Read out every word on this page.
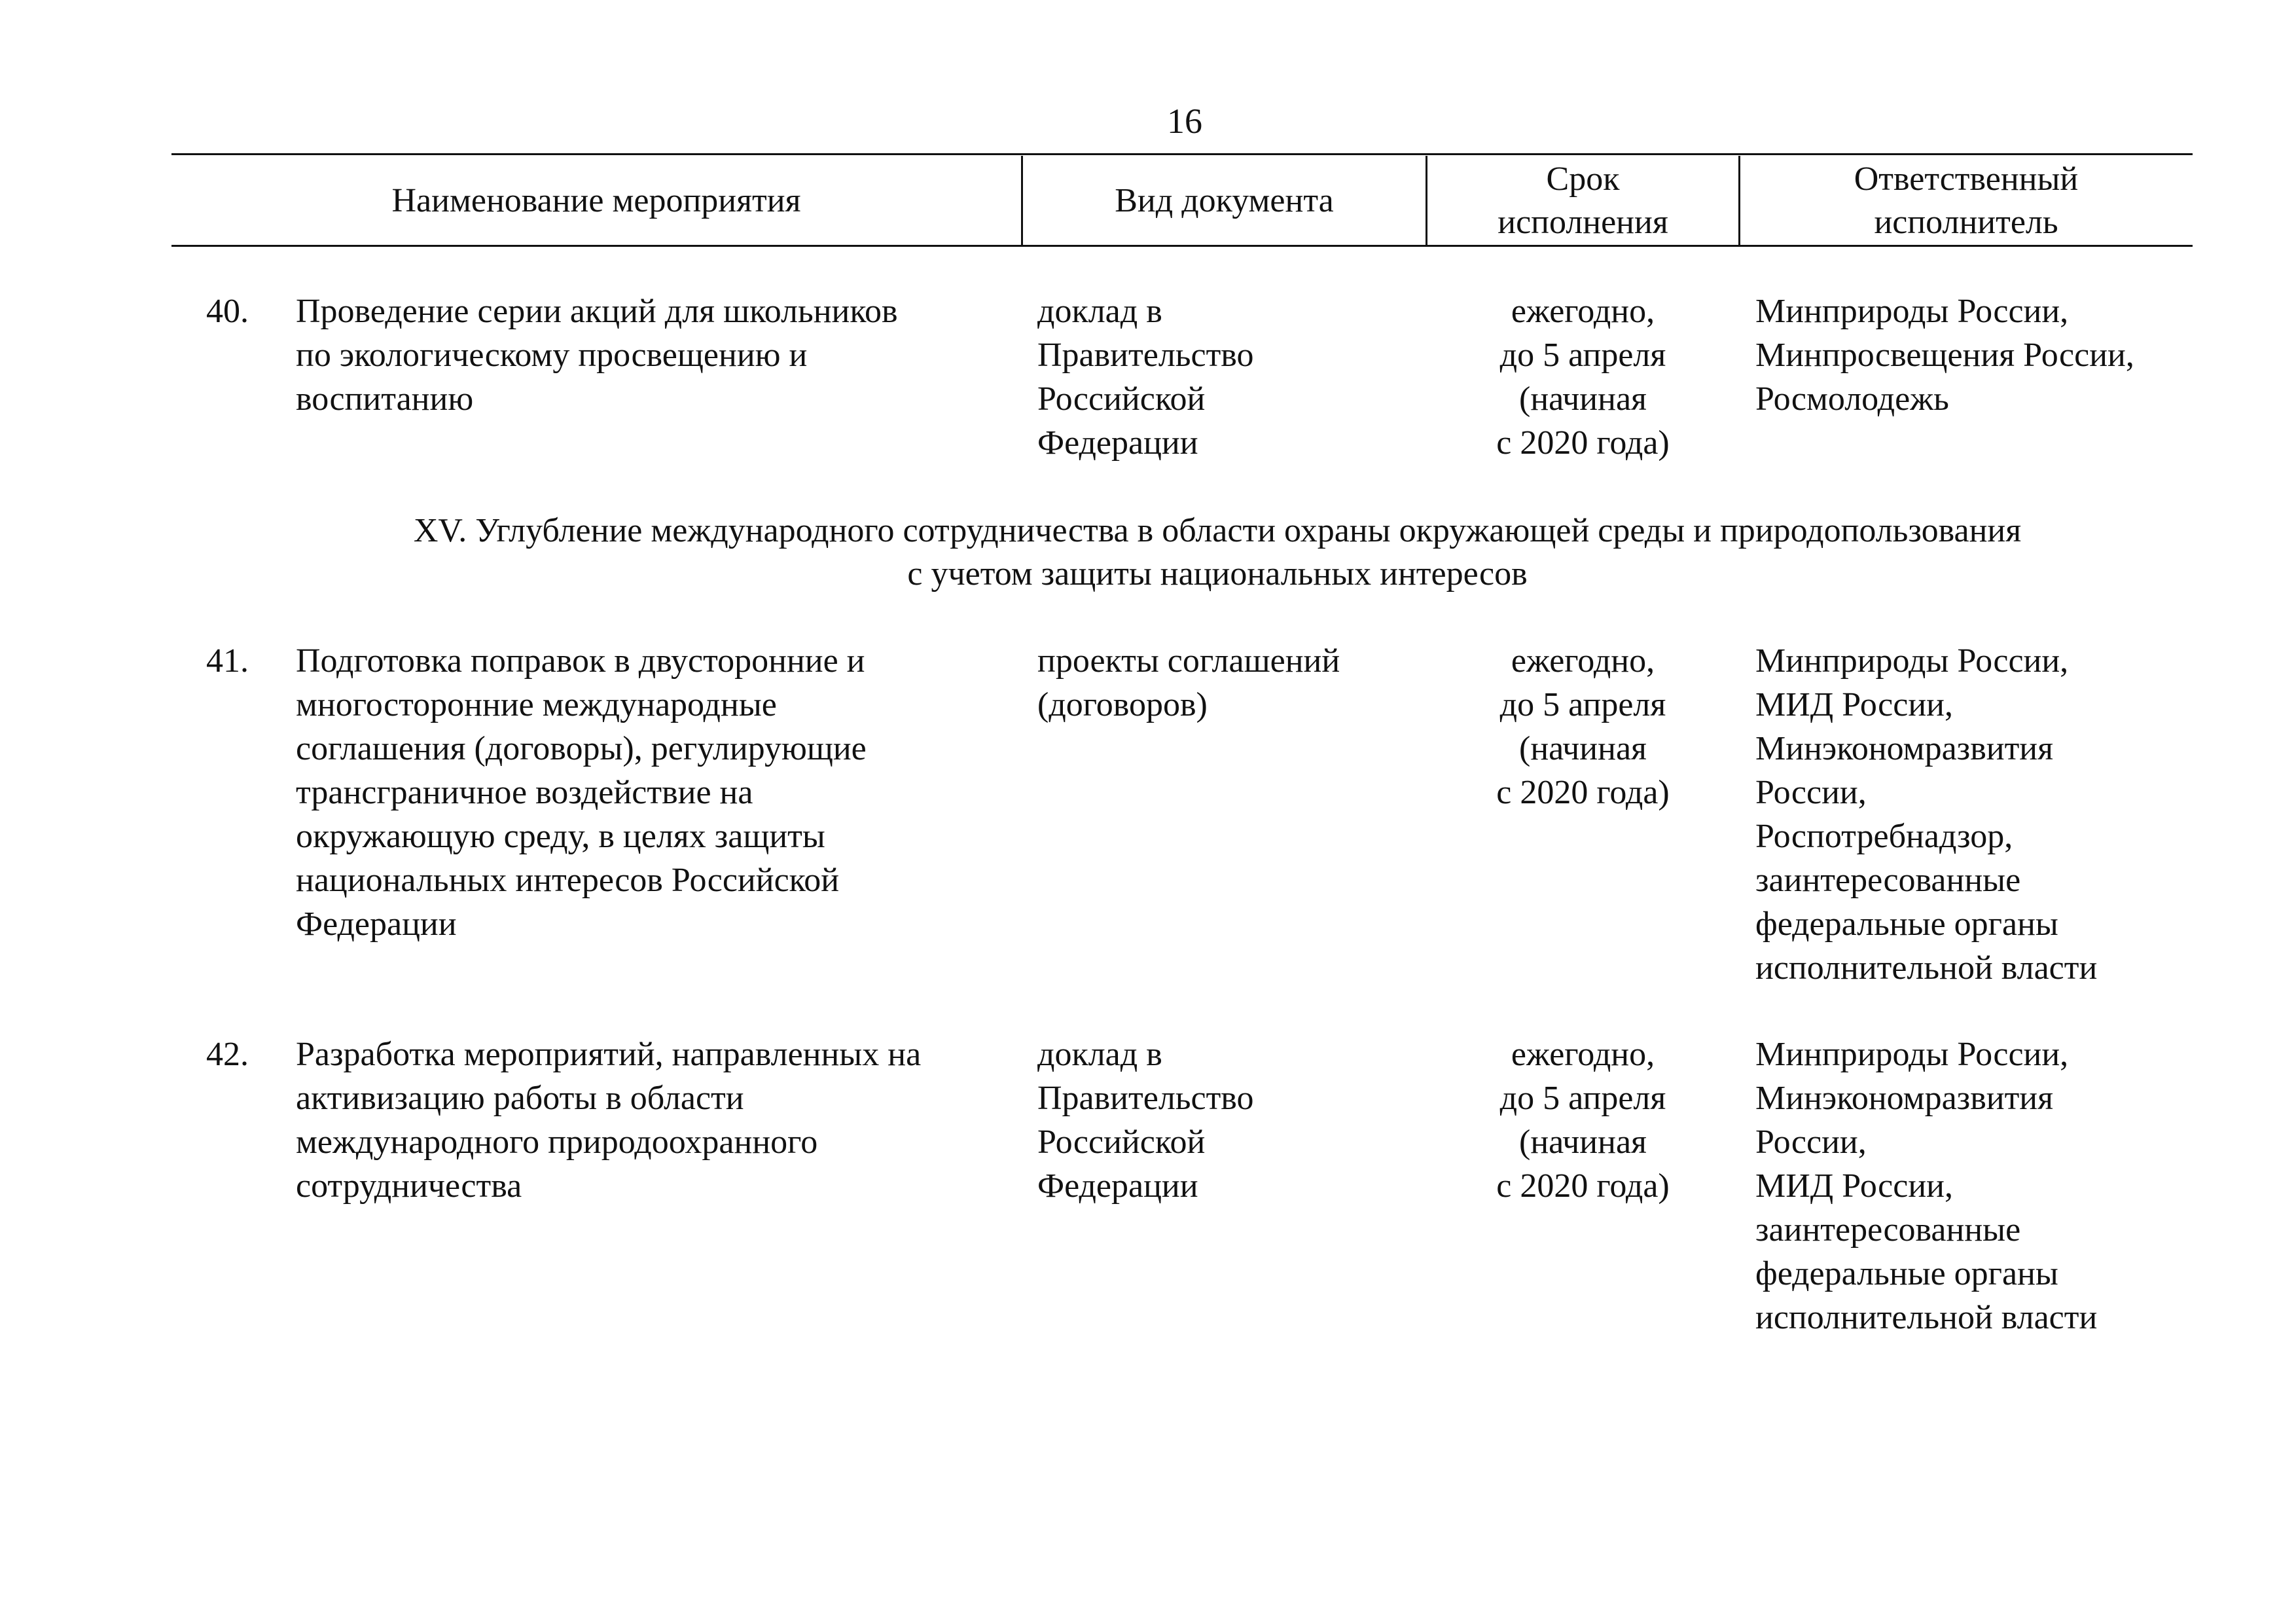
16
Наименование мероприятия	Вид документа
Срок
исполнения
Ответственный
исполнитель
40. Проведение серии акций для школьников
по экологическому просвещению и
воспитанию
доклад в
Правительство
Российской
Федерации
ежегодно,
до 5 апреля
(начиная
с 2020 года)
Минприроды России,
Минпросвещения России,
Росмолодежь
XV. Углубление международного сотрудничества в области охраны окружающей среды и природопользования
с учетом защиты национальных интересов
41. Подготовка поправок в двусторонние и
многосторонние международные
соглашения (договоры), регулирующие
трансграничное воздействие на
окружающую среду, в целях защиты
национальных интересов Российской
Федерации
проекты соглашений
(договоров)
ежегодно,
до 5 апреля
(начиная
с 2020 года)
Минприроды России,
МИД России,
Минэкономразвития
России,
Роспотребнадзор,
заинтересованные
федеральные органы
исполнительной власти
42. Разработка мероприятий, направленных на
активизацию работы в области
международного природоохранного
сотрудничества
доклад в
Правительство
Российской
Федерации
ежегодно,
до 5 апреля
(начиная
с 2020 года)
Минприроды России,
Минэкономразвития
России,
МИД России,
заинтересованные
федеральные органы
исполнительной власти
